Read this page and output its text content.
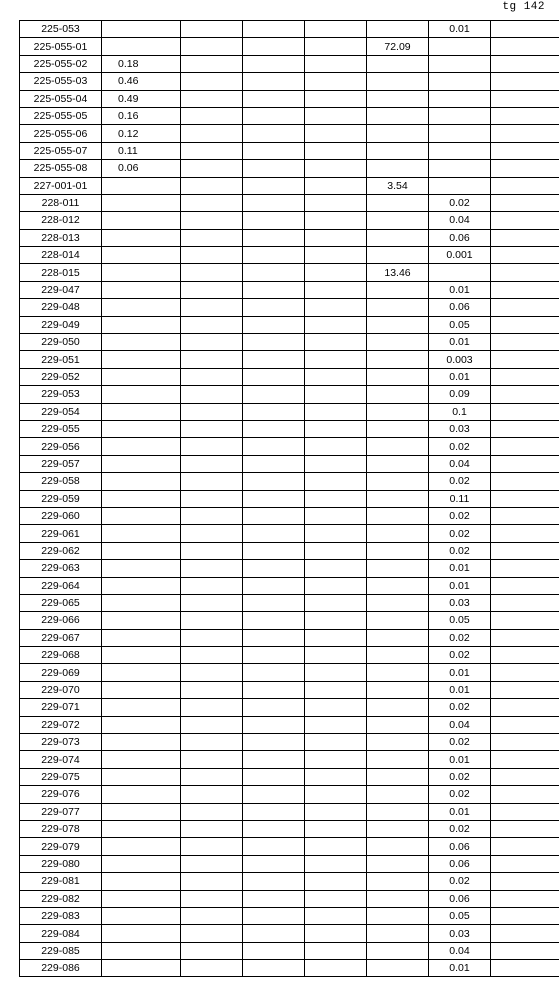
tg 142
225-053						0.01	
225-055-01					72.09		
225-055-02	0.18						
225-055-03	0.46						
225-055-04	0.49						
225-055-05	0.16						
225-055-06	0.12						
225-055-07	0.11						
225-055-08	0.06						
227-001-01					3.54		
228-011						0.02	
228-012						0.04	
228-013						0.06	
228-014						0.001	
228-015					13.46		
229-047						0.01	
229-048						0.06	
229-049						0.05	
229-050						0.01	
229-051						0.003	
229-052						0.01	
229-053						0.09	
229-054						0.1	
229-055						0.03	
229-056						0.02	
229-057						0.04	
229-058						0.02	
229-059						0.11	
229-060						0.02	
229-061						0.02	
229-062						0.02	
229-063						0.01	
229-064						0.01	
229-065						0.03	
229-066						0.05	
229-067						0.02	
229-068						0.02	
229-069						0.01	
229-070						0.01	
229-071						0.02	
229-072						0.04	
229-073						0.02	
229-074						0.01	
229-075						0.02	
229-076						0.02	
229-077						0.01	
229-078						0.02	
229-079						0.06	
229-080						0.06	
229-081						0.02	
229-082						0.06	
229-083						0.05	
229-084						0.03	
229-085						0.04	
229-086						0.01	
